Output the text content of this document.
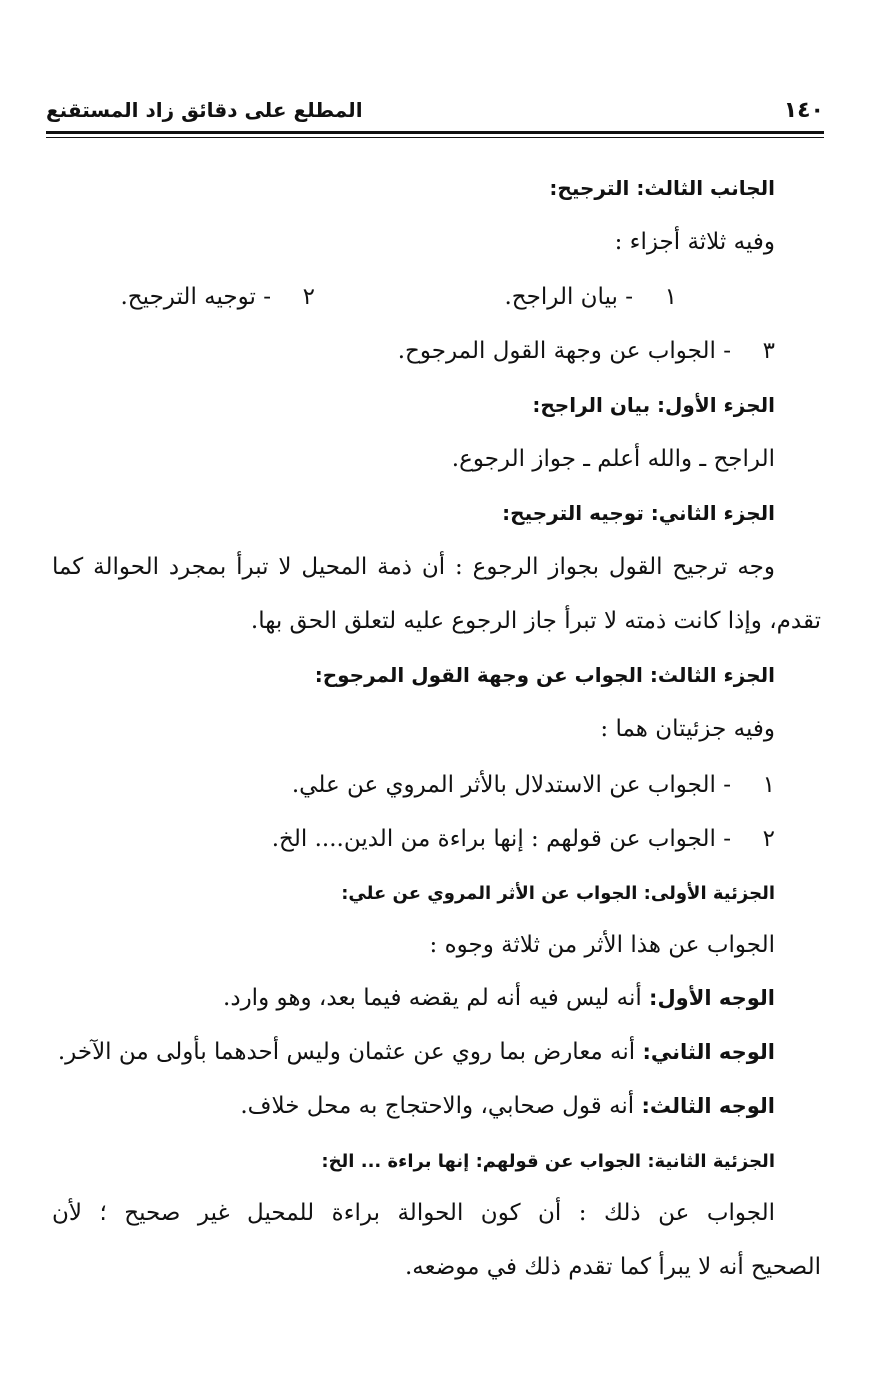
١٤٠
المطلع على دقائق زاد المستقنع
الجانب الثالث: الترجيح:
وفيه ثلاثة أجزاء :
١- بيان الراجح.
٢- توجيه الترجيح.
٣- الجواب عن وجهة القول المرجوح.
الجزء الأول: بيان الراجح:
الراجح ـ والله أعلم ـ جواز الرجوع.
الجزء الثاني: توجيه الترجيح:
وجه ترجيح القول بجواز الرجوع : أن ذمة المحيل لا تبرأ بمجرد الحوالة كما
تقدم، وإذا كانت ذمته لا تبرأ جاز الرجوع عليه لتعلق الحق بها.
الجزء الثالث: الجواب عن وجهة القول المرجوح:
وفيه جزئيتان هما :
١- الجواب عن الاستدلال بالأثر المروي عن علي.
٢- الجواب عن قولهم : إنها براءة من الدين.... الخ.
الجزئية الأولى: الجواب عن الأثر المروي عن علي:
الجواب عن هذا الأثر من ثلاثة وجوه :
الوجه الأول: أنه ليس فيه أنه لم يقضه فيما بعد، وهو وارد.
الوجه الثاني: أنه معارض بما روي عن عثمان وليس أحدهما بأولى من الآخر.
الوجه الثالث: أنه قول صحابي، والاحتجاج به محل خلاف.
الجزئية الثانية: الجواب عن قولهم: إنها براءة ... الخ:
الجواب عن ذلك : أن كون الحوالة براءة للمحيل غير صحيح ؛ لأن
الصحيح أنه لا يبرأ كما تقدم ذلك في موضعه.
